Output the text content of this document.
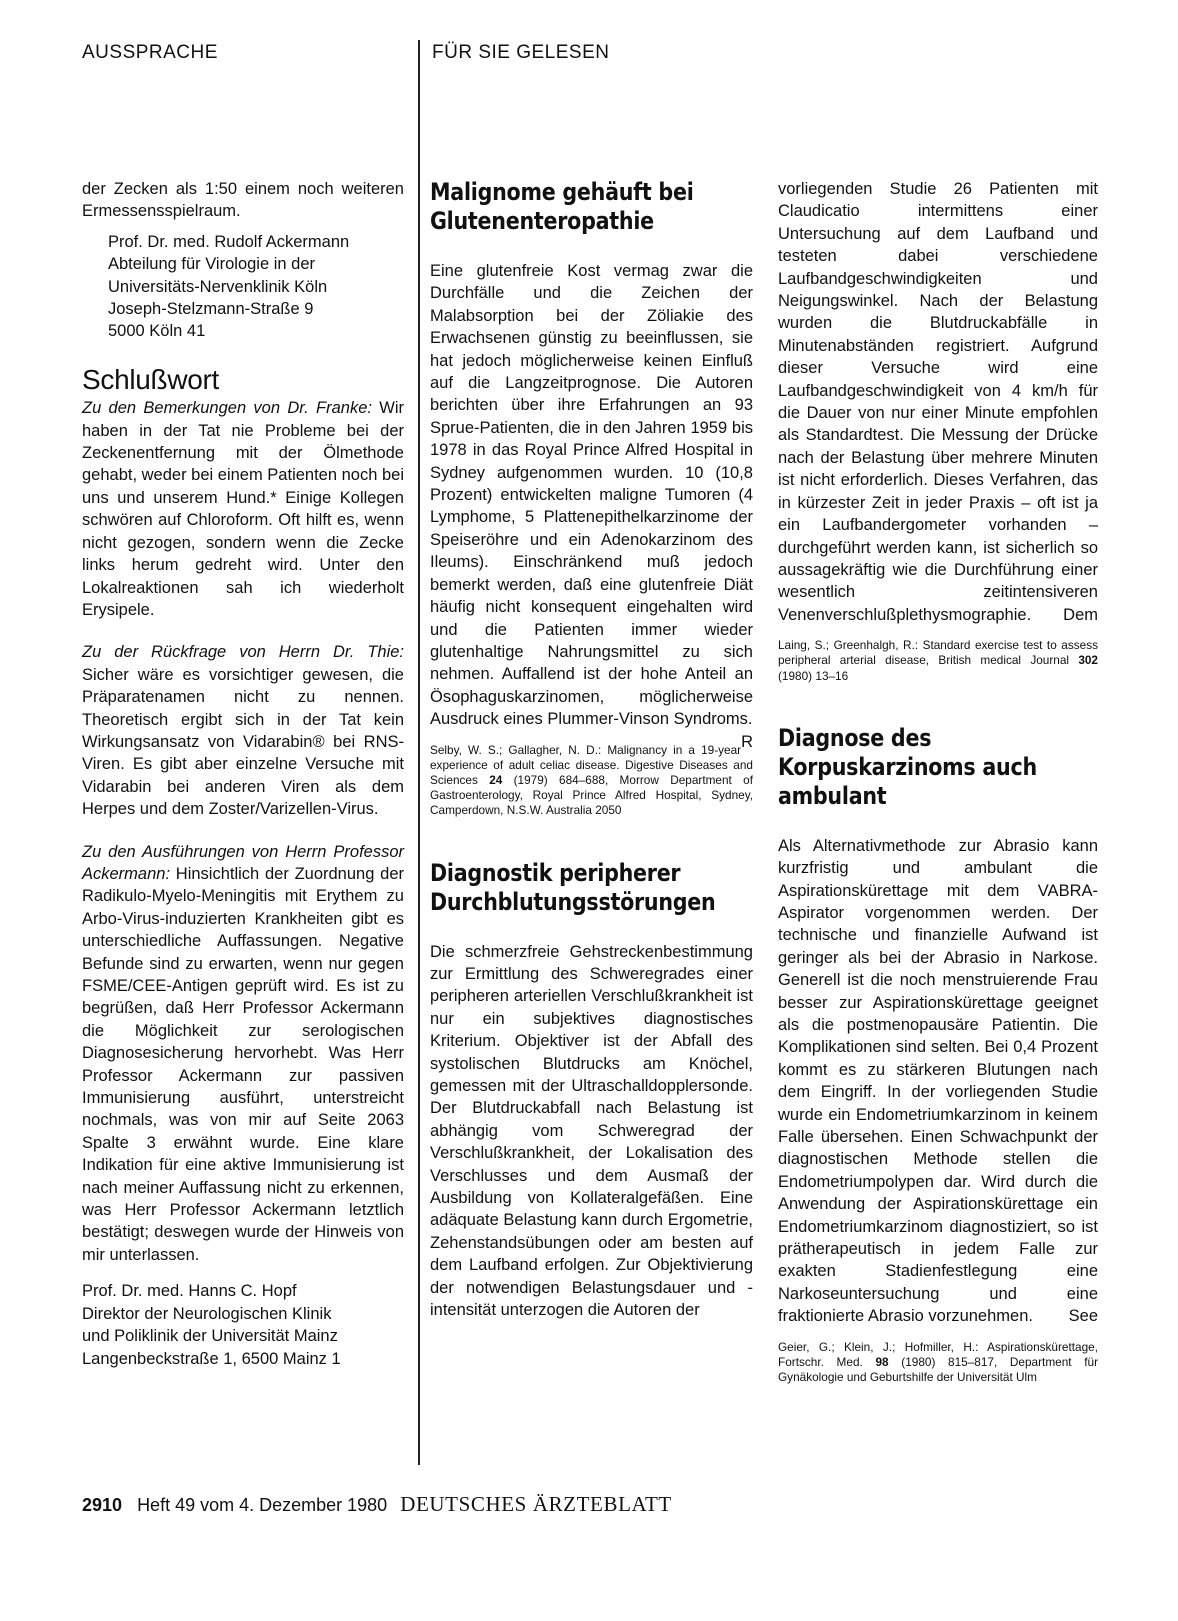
AUSSPRACHE	FÜR SIE GELESEN

der Zecken als 1:50 einem noch weiteren Ermessensspielraum.

Prof. Dr. med. Rudolf Ackermann
Abteilung für Virologie in der
Universitäts-Nervenklinik Köln
Joseph-Stelzmann-Straße 9
5000 Köln 41

Schlußwort

Zu den Bemerkungen von Dr. Franke: Wir haben in der Tat nie Probleme bei der Zeckenentfernung mit der Ölmethode gehabt, weder bei einem Patienten noch bei uns und unserem Hund.* Einige Kollegen schwören auf Chloroform. Oft hilft es, wenn nicht gezogen, sondern wenn die Zecke links herum gedreht wird. Unter den Lokalreaktionen sah ich wiederholt Erysipele.

Zu der Rückfrage von Herrn Dr. Thie: Sicher wäre es vorsichtiger gewesen, die Präparatenamen nicht zu nennen. Theoretisch ergibt sich in der Tat kein Wirkungsansatz von Vidarabin® bei RNS-Viren. Es gibt aber einzelne Versuche mit Vidarabin bei anderen Viren als dem Herpes und dem Zoster/Varizellen-Virus.

Zu den Ausführungen von Herrn Professor Ackermann: Hinsichtlich der Zuordnung der Radikulo-Myelo-Meningitis mit Erythem zu Arbo-Virus-induzierten Krankheiten gibt es unterschiedliche Auffassungen. Negative Befunde sind zu erwarten, wenn nur gegen FSME/CEE-Antigen geprüft wird. Es ist zu begrüßen, daß Herr Professor Ackermann die Möglichkeit zur serologischen Diagnosesicherung hervorhebt. Was Herr Professor Ackermann zur passiven Immunisierung ausführt, unterstreicht nochmals, was von mir auf Seite 2063 Spalte 3 erwähnt wurde. Eine klare Indikation für eine aktive Immunisierung ist nach meiner Auffassung nicht zu erkennen, was Herr Professor Ackermann letztlich bestätigt; deswegen wurde der Hinweis von mir unterlassen.

Prof. Dr. med. Hanns C. Hopf
Direktor der Neurologischen Klinik
und Poliklinik der Universität Mainz
Langenbeckstraße 1, 6500 Mainz 1

Malignome gehäuft bei Glutenenteropathie

Eine glutenfreie Kost vermag zwar die Durchfälle und die Zeichen der Malabsorption bei der Zöliakie des Erwachsenen günstig zu beeinflussen, sie hat jedoch möglicherweise keinen Einfluß auf die Langzeitprognose. Die Autoren berichten über ihre Erfahrungen an 93 Sprue-Patienten, die in den Jahren 1959 bis 1978 in das Royal Prince Alfred Hospital in Sydney aufgenommen wurden. 10 (10,8 Prozent) entwickelten maligne Tumoren (4 Lymphome, 5 Plattenepithelkarzinome der Speiseröhre und ein Adenokarzinom des Ileums). Einschränkend muß jedoch bemerkt werden, daß eine glutenfreie Diät häufig nicht konsequent eingehalten wird und die Patienten immer wieder glutenhaltige Nahrungsmittel zu sich nehmen. Auffallend ist der hohe Anteil an Ösophaguskarzinomen, möglicherweise Ausdruck eines Plummer-Vinson Syndroms.
R

Selby, W. S.; Gallagher, N. D.: Malignancy in a 19-year experience of adult celiac disease. Digestive Diseases and Sciences 24 (1979) 684–688, Morrow Department of Gastroenterology, Royal Prince Alfred Hospital, Sydney, Camperdown, N.S.W. Australia 2050

Diagnostik peripherer Durchblutungsstörungen

Die schmerzfreie Gehstreckenbestimmung zur Ermittlung des Schweregrades einer peripheren arteriellen Verschlußkrankheit ist nur ein subjektives diagnostisches Kriterium. Objektiver ist der Abfall des systolischen Blutdrucks am Knöchel, gemessen mit der Ultraschalldopplersonde. Der Blutdruckabfall nach Belastung ist abhängig vom Schweregrad der Verschlußkrankheit, der Lokalisation des Verschlusses und dem Ausmaß der Ausbildung von Kollateralgefäßen. Eine adäquate Belastung kann durch Ergometrie, Zehenstandsübungen oder am besten auf dem Laufband erfolgen. Zur Objektivierung der notwendigen Belastungsdauer und -intensität unterzogen die Autoren der

vorliegenden Studie 26 Patienten mit Claudicatio intermittens einer Untersuchung auf dem Laufband und testeten dabei verschiedene Laufbandgeschwindigkeiten und Neigungswinkel. Nach der Belastung wurden die Blutdruckabfälle in Minutenabständen registriert. Aufgrund dieser Versuche wird eine Laufbandgeschwindigkeit von 4 km/h für die Dauer von nur einer Minute empfohlen als Standardtest. Die Messung der Drücke nach der Belastung über mehrere Minuten ist nicht erforderlich. Dieses Verfahren, das in kürzester Zeit in jeder Praxis – oft ist ja ein Laufbandergometer vorhanden – durchgeführt werden kann, ist sicherlich so aussagekräftig wie die Durchführung einer wesentlich zeitintensiveren Venenverschlußplethysmographie. Dem

Laing, S.; Greenhalgh, R.: Standard exercise test to assess peripheral arterial disease, British medical Journal 302 (1980) 13–16

Diagnose des Korpuskarzinoms auch ambulant

Als Alternativmethode zur Abrasio kann kurzfristig und ambulant die Aspirationskürettage mit dem VABRA-Aspirator vorgenommen werden. Der technische und finanzielle Aufwand ist geringer als bei der Abrasio in Narkose. Generell ist die noch menstruierende Frau besser zur Aspirationskürettage geeignet als die postmenopausäre Patientin. Die Komplikationen sind selten. Bei 0,4 Prozent kommt es zu stärkeren Blutungen nach dem Eingriff. In der vorliegenden Studie wurde ein Endometriumkarzinom in keinem Falle übersehen. Einen Schwachpunkt der diagnostischen Methode stellen die Endometriumpolypen dar. Wird durch die Anwendung der Aspirationskürettage ein Endometriumkarzinom diagnostiziert, so ist prätherapeutisch in jedem Falle zur exakten Stadienfestlegung eine Narkoseuntersuchung und eine fraktionierte Abrasio vorzunehmen. See

Geier, G.; Klein, J.; Hofmiller, H.: Aspirationskürettage, Fortschr. Med. 98 (1980) 815–817, Department für Gynäkologie und Geburtshilfe der Universität Ulm

2910 Heft 49 vom 4. Dezember 1980 DEUTSCHES ÄRZTEBLATT
